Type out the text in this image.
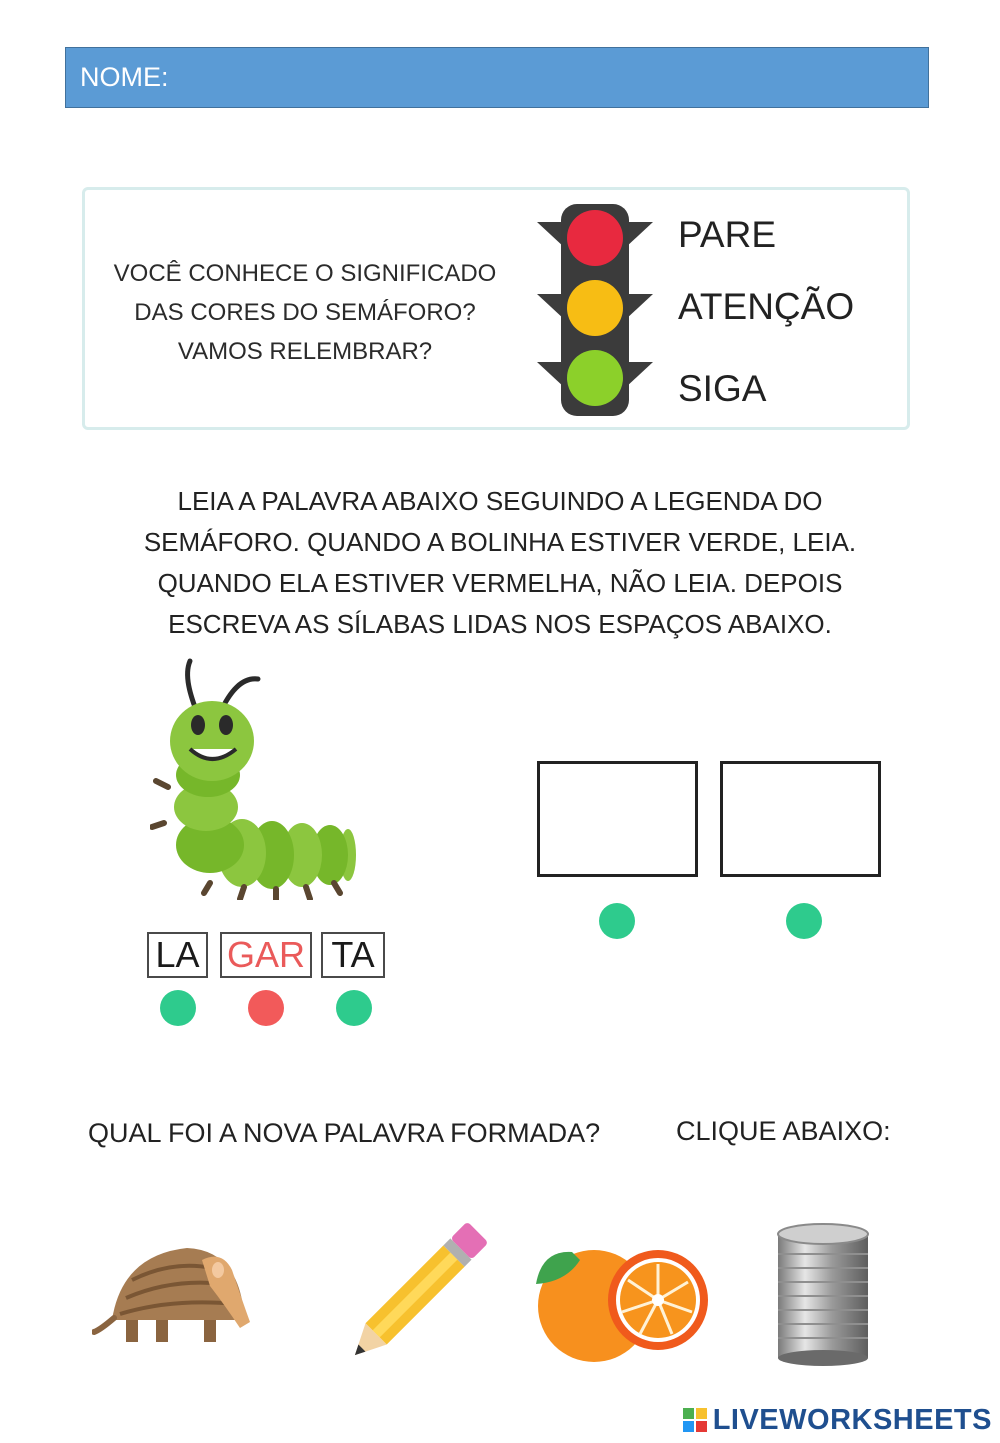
NOME:
VOCÊ CONHECE O SIGNIFICADO
DAS CORES DO SEMÁFORO?
VAMOS RELEMBRAR?
PARE
ATENÇÃO
SIGA
LEIA A PALAVRA ABAIXO SEGUINDO A LEGENDA DO
SEMÁFORO. QUANDO A BOLINHA ESTIVER VERDE, LEIA.
QUANDO ELA ESTIVER VERMELHA, NÃO LEIA. DEPOIS
ESCREVA AS SÍLABAS LIDAS NOS ESPAÇOS ABAIXO.
LA GAR TA
QUAL FOI A NOVA PALAVRA FORMADA?	CLIQUE ABAIXO:
LIVEWORKSHEETS
